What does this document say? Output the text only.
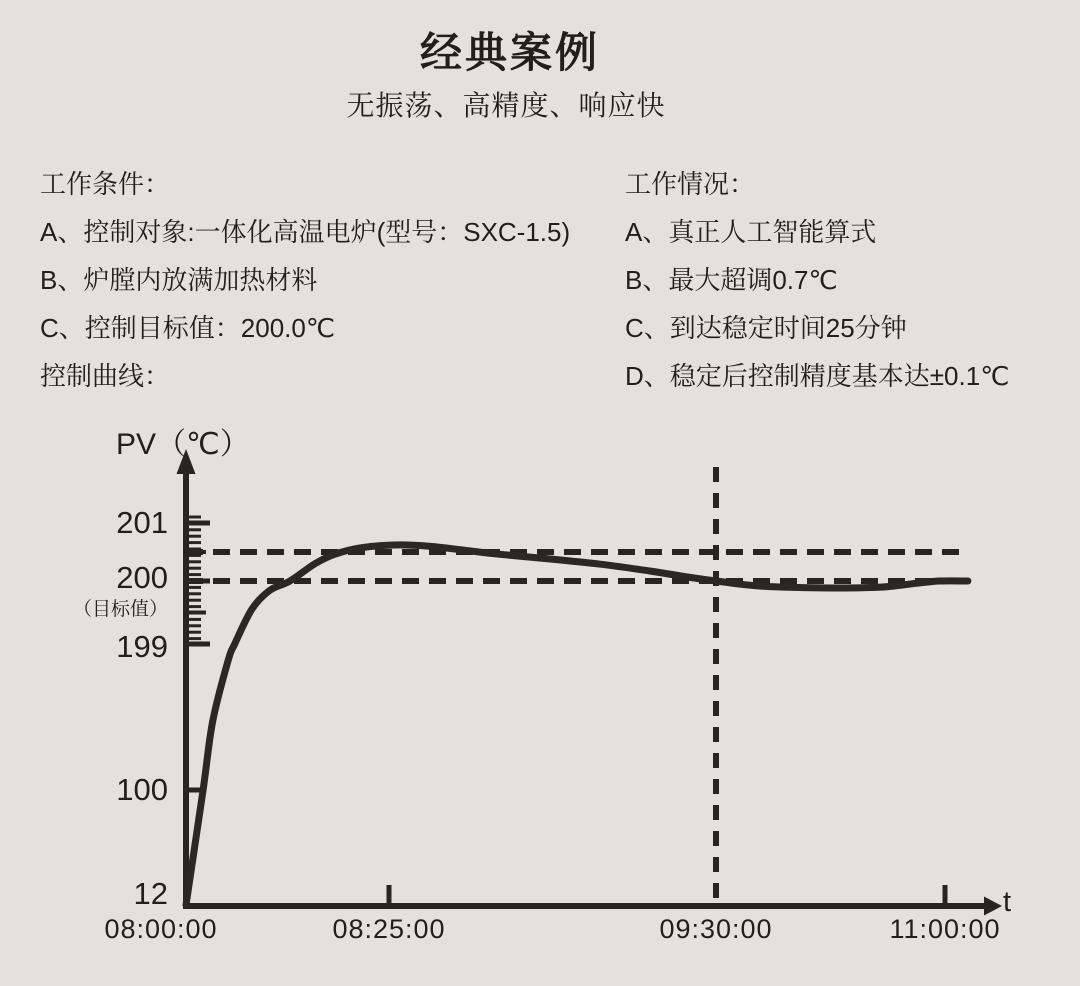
经典案例
无振荡、高精度、响应快
工作条件：
A、控制对象:一体化高温电炉(型号：SXC-1.5)
B、炉膛内放满加热材料
C、控制目标值：200.0℃
控制曲线：
工作情况：
A、真正人工智能算式
B、最大超调0.7℃
C、到达稳定时间25分钟
D、稳定后控制精度基本达±0.1℃
PV（℃）
201
200
（目标值）
199
100
12
08:00:00	08:25:00	09:30:00	11:00:00
t
